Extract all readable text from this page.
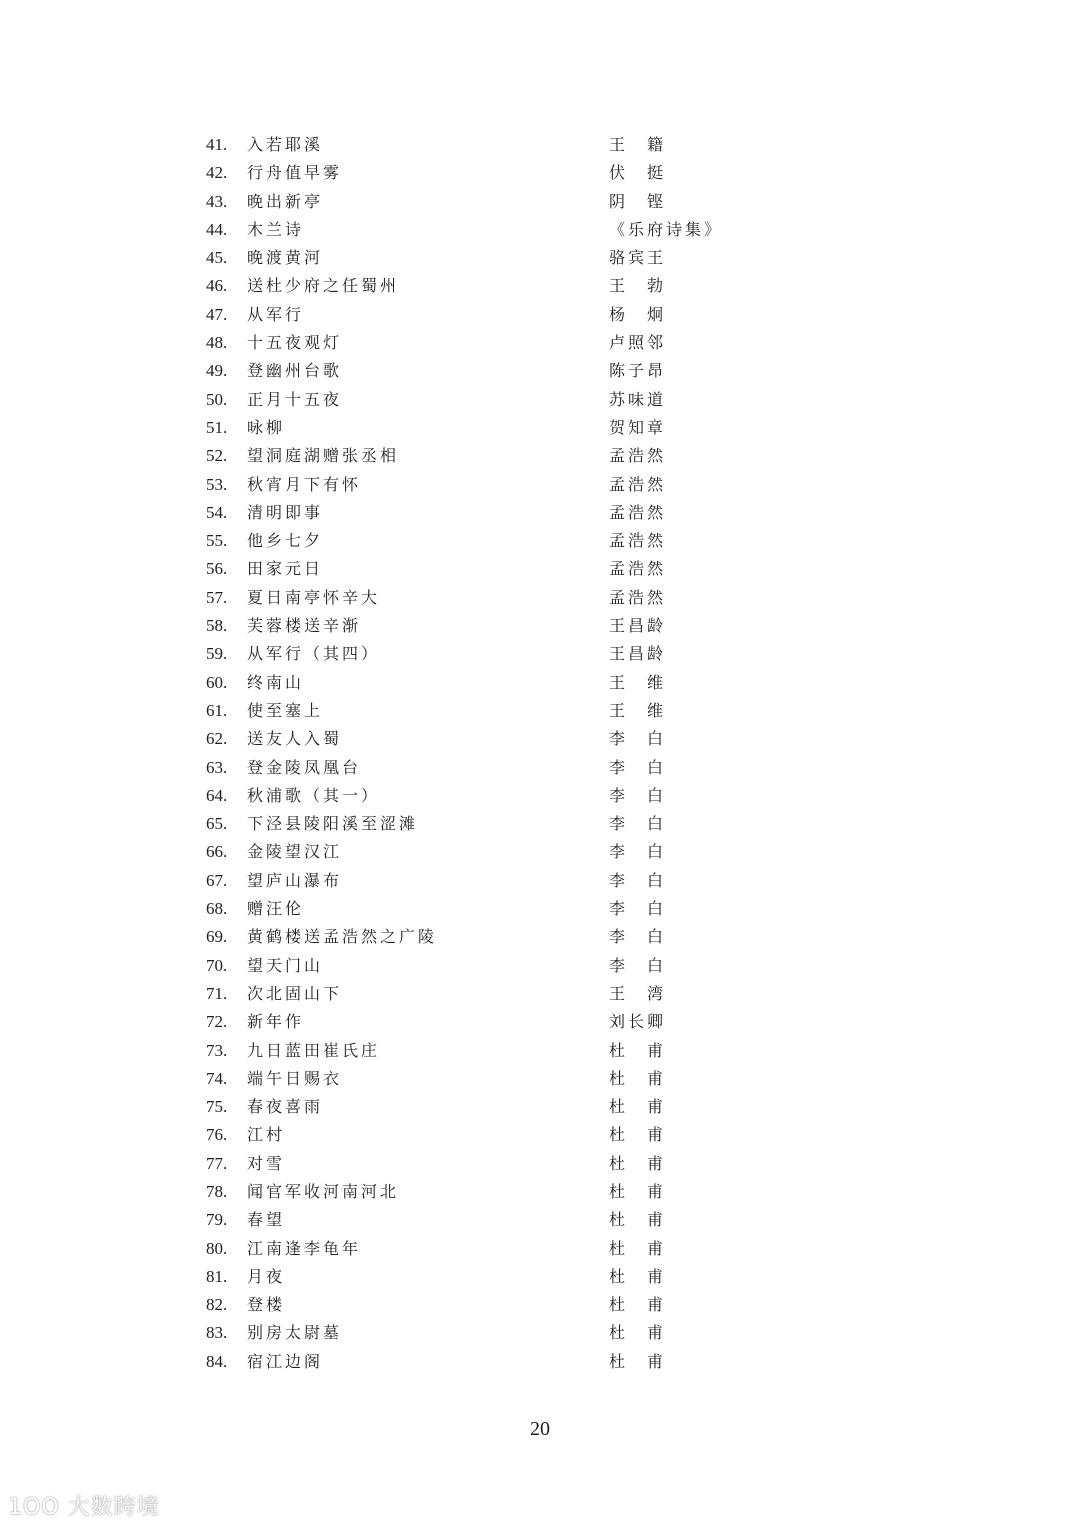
41.	入若耶溪	王　籍
42.	行舟值早雾	伏　挺
43.	晚出新亭	阴　铿
44.	木兰诗	《乐府诗集》
45.	晚渡黄河	骆宾王
46.	送杜少府之任蜀州	王　勃
47.	从军行	杨　炯
48.	十五夜观灯	卢照邻
49.	登幽州台歌	陈子昂
50.	正月十五夜	苏味道
51.	咏柳	贺知章
52.	望洞庭湖赠张丞相	孟浩然
53.	秋宵月下有怀	孟浩然
54.	清明即事	孟浩然
55.	他乡七夕	孟浩然
56.	田家元日	孟浩然
57.	夏日南亭怀辛大	孟浩然
58.	芙蓉楼送辛渐	王昌龄
59.	从军行（其四）	王昌龄
60.	终南山	王　维
61.	使至塞上	王　维
62.	送友人入蜀	李　白
63.	登金陵凤凰台	李　白
64.	秋浦歌（其一）	李　白
65.	下泾县陵阳溪至涩滩	李　白
66.	金陵望汉江	李　白
67.	望庐山瀑布	李　白
68.	赠汪伦	李　白
69.	黄鹤楼送孟浩然之广陵	李　白
70.	望天门山	李　白
71.	次北固山下	王　湾
72.	新年作	刘长卿
73.	九日蓝田崔氏庄	杜　甫
74.	端午日赐衣	杜　甫
75.	春夜喜雨	杜　甫
76.	江村	杜　甫
77.	对雪	杜　甫
78.	闻官军收河南河北	杜　甫
79.	春望	杜　甫
80.	江南逢李龟年	杜　甫
81.	月夜	杜　甫
82.	登楼	杜　甫
83.	别房太尉墓	杜　甫
84.	宿江边阁	杜　甫
20
1OO 大数跨境
